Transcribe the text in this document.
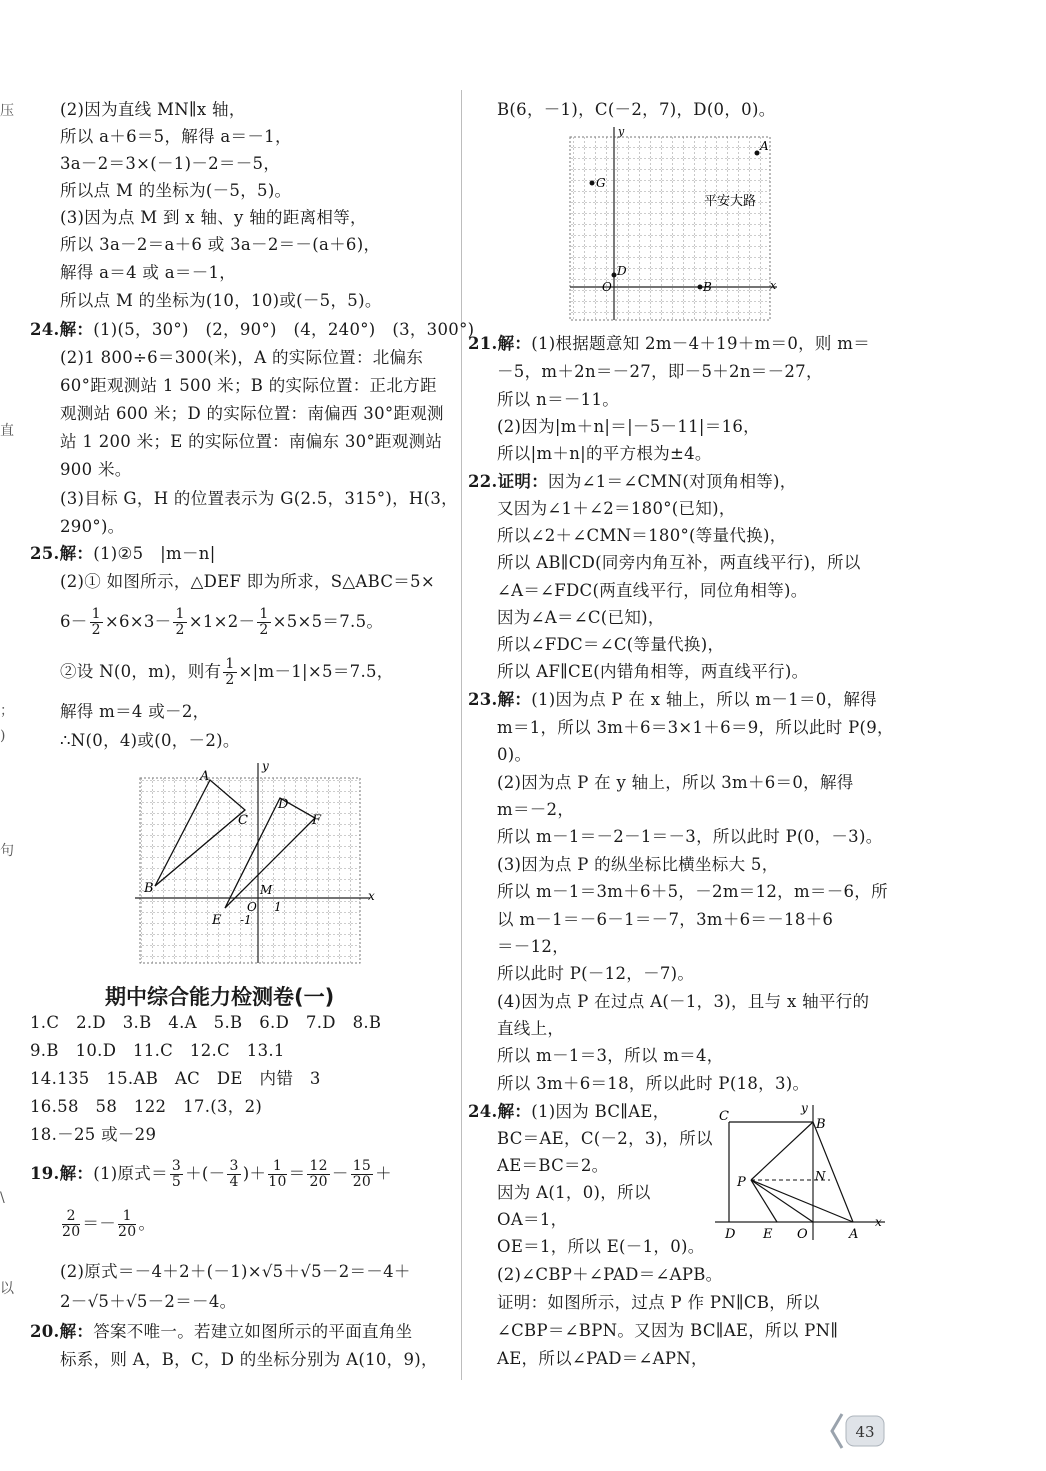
压
直
；
)
句
\
以
(2)因为直线 MN∥x 轴，
所以 a＋6＝5，解得 a＝－1，
3a－2＝3×(－1)－2＝－5，
所以点 M 的坐标为(－5，5)。
(3)因为点 M 到 x 轴、y 轴的距离相等，
所以 3a－2＝a＋6 或 3a－2＝－(a＋6)，
解得 a＝4 或 a＝－1，
所以点 M 的坐标为(10，10)或(－5，5)。
24.解：(1)(5，30°)　(2，90°)　(4，240°)　(3，300°)
(2)1 800÷6＝300(米)，A 的实际位置：北偏东
60°距观测站 1 500 米；B 的实际位置：正北方距
观测站 600 米；D 的实际位置：南偏西 30°距观测
站 1 200 米；E 的实际位置：南偏东 30°距观测站
900 米。
(3)目标 G，H 的位置表示为 G(2.5，315°)，H(3，
290°)。
25.解：(1)②5　|m－n|
(2)① 如图所示，△DEF 即为所求，S△ABC＝5×
$6- \frac{1}{2} \times 6\times 3- \frac{1}{2} \times 1\times 2- \frac{1}{2} \times 5\times 5=7.5$。
②设 N(0，m)，则有 $\frac{1}{2} \times|m-1|\times 5=7.5$，
解得 m＝4 或－2，
∴N(0，4)或(0，－2)。
A
B
C
D
F
E
M
O 1
-1
y
x
期中综合能力检测卷(一)
1.C　2.D　3.B　4.A　5.B　6.D　7.D　8.B
9.B　10.D　11.C　12.C　13.1
14.135　15.AB　AC　DE　内错　3
16.58　58　122　17.(3，2)
18.－25 或－29
19.解：(1)原式＝ $\frac{3}{5}$ ＋(－ $\frac{3}{4}$ )＋ $\frac{1}{10} = \frac{12}{20} - \frac{15}{20}$ ＋
$\frac{2}{20} =- \frac{1}{20}$ 。
(2)原式＝－4＋2＋(－1)×√5＋√5－2＝－4＋
2－√5＋√5－2＝－4。
20.解：答案不唯一。若建立如图所示的平面直角坐
标系，则 A，B，C，D 的坐标分别为 A(10，9)，
B(6，－1)，C(－2，7)，D(0，0)。
y
x
A
G
D
O	B
平安大路
21.解：(1)根据题意知 2m－4＋19＋m＝0，则 m＝
－5，m＋2n＝－27，即－5＋2n＝－27，
所以 n＝－11。
(2)因为|m＋n|＝|－5－11|＝16，
所以|m＋n|的平方根为±4。
22.证明：因为∠1＝∠CMN(对顶角相等)，
又因为∠1＋∠2＝180°(已知)，
所以∠2＋∠CMN＝180°(等量代换)，
所以 AB∥CD(同旁内角互补，两直线平行)，所以
∠A＝∠FDC(两直线平行，同位角相等)。
因为∠A＝∠C(已知)，
所以∠FDC＝∠C(等量代换)，
所以 AF∥CE(内错角相等，两直线平行)。
23.解：(1)因为点 P 在 x 轴上，所以 m－1＝0，解得
m＝1，所以 3m＋6＝3×1＋6＝9，所以此时 P(9，
0)。
(2)因为点 P 在 y 轴上，所以 3m＋6＝0，解得
m＝－2，
所以 m－1＝－2－1＝－3，所以此时 P(0，－3)。
(3)因为点 P 的纵坐标比横坐标大 5，
所以 m－1＝3m＋6＋5，－2m＝12，m＝－6，所
以 m－1＝－6－1＝－7，3m＋6＝－18＋6
＝－12，
所以此时 P(－12，－7)。
(4)因为点 P 在过点 A(－1，3)，且与 x 轴平行的
直线上，
所以 m－1＝3，所以 m＝4，
所以 3m＋6＝18，所以此时 P(18，3)。
24.解：(1)因为 BC∥AE，
BC＝AE，C(－2，3)，所以
AE＝BC＝2。
因为 A(1，0)，所以
OA＝1，
OE＝1，所以 E(－1，0)。
(2)∠CBP＋∠PAD＝∠APB。
证明：如图所示，过点 P 作 PN∥CB，所以
∠CBP＝∠BPN。又因为 BC∥AE，所以 PN∥
AE，所以∠PAD＝∠APN，
C
B
y
P	N
D E O	A
x
43
